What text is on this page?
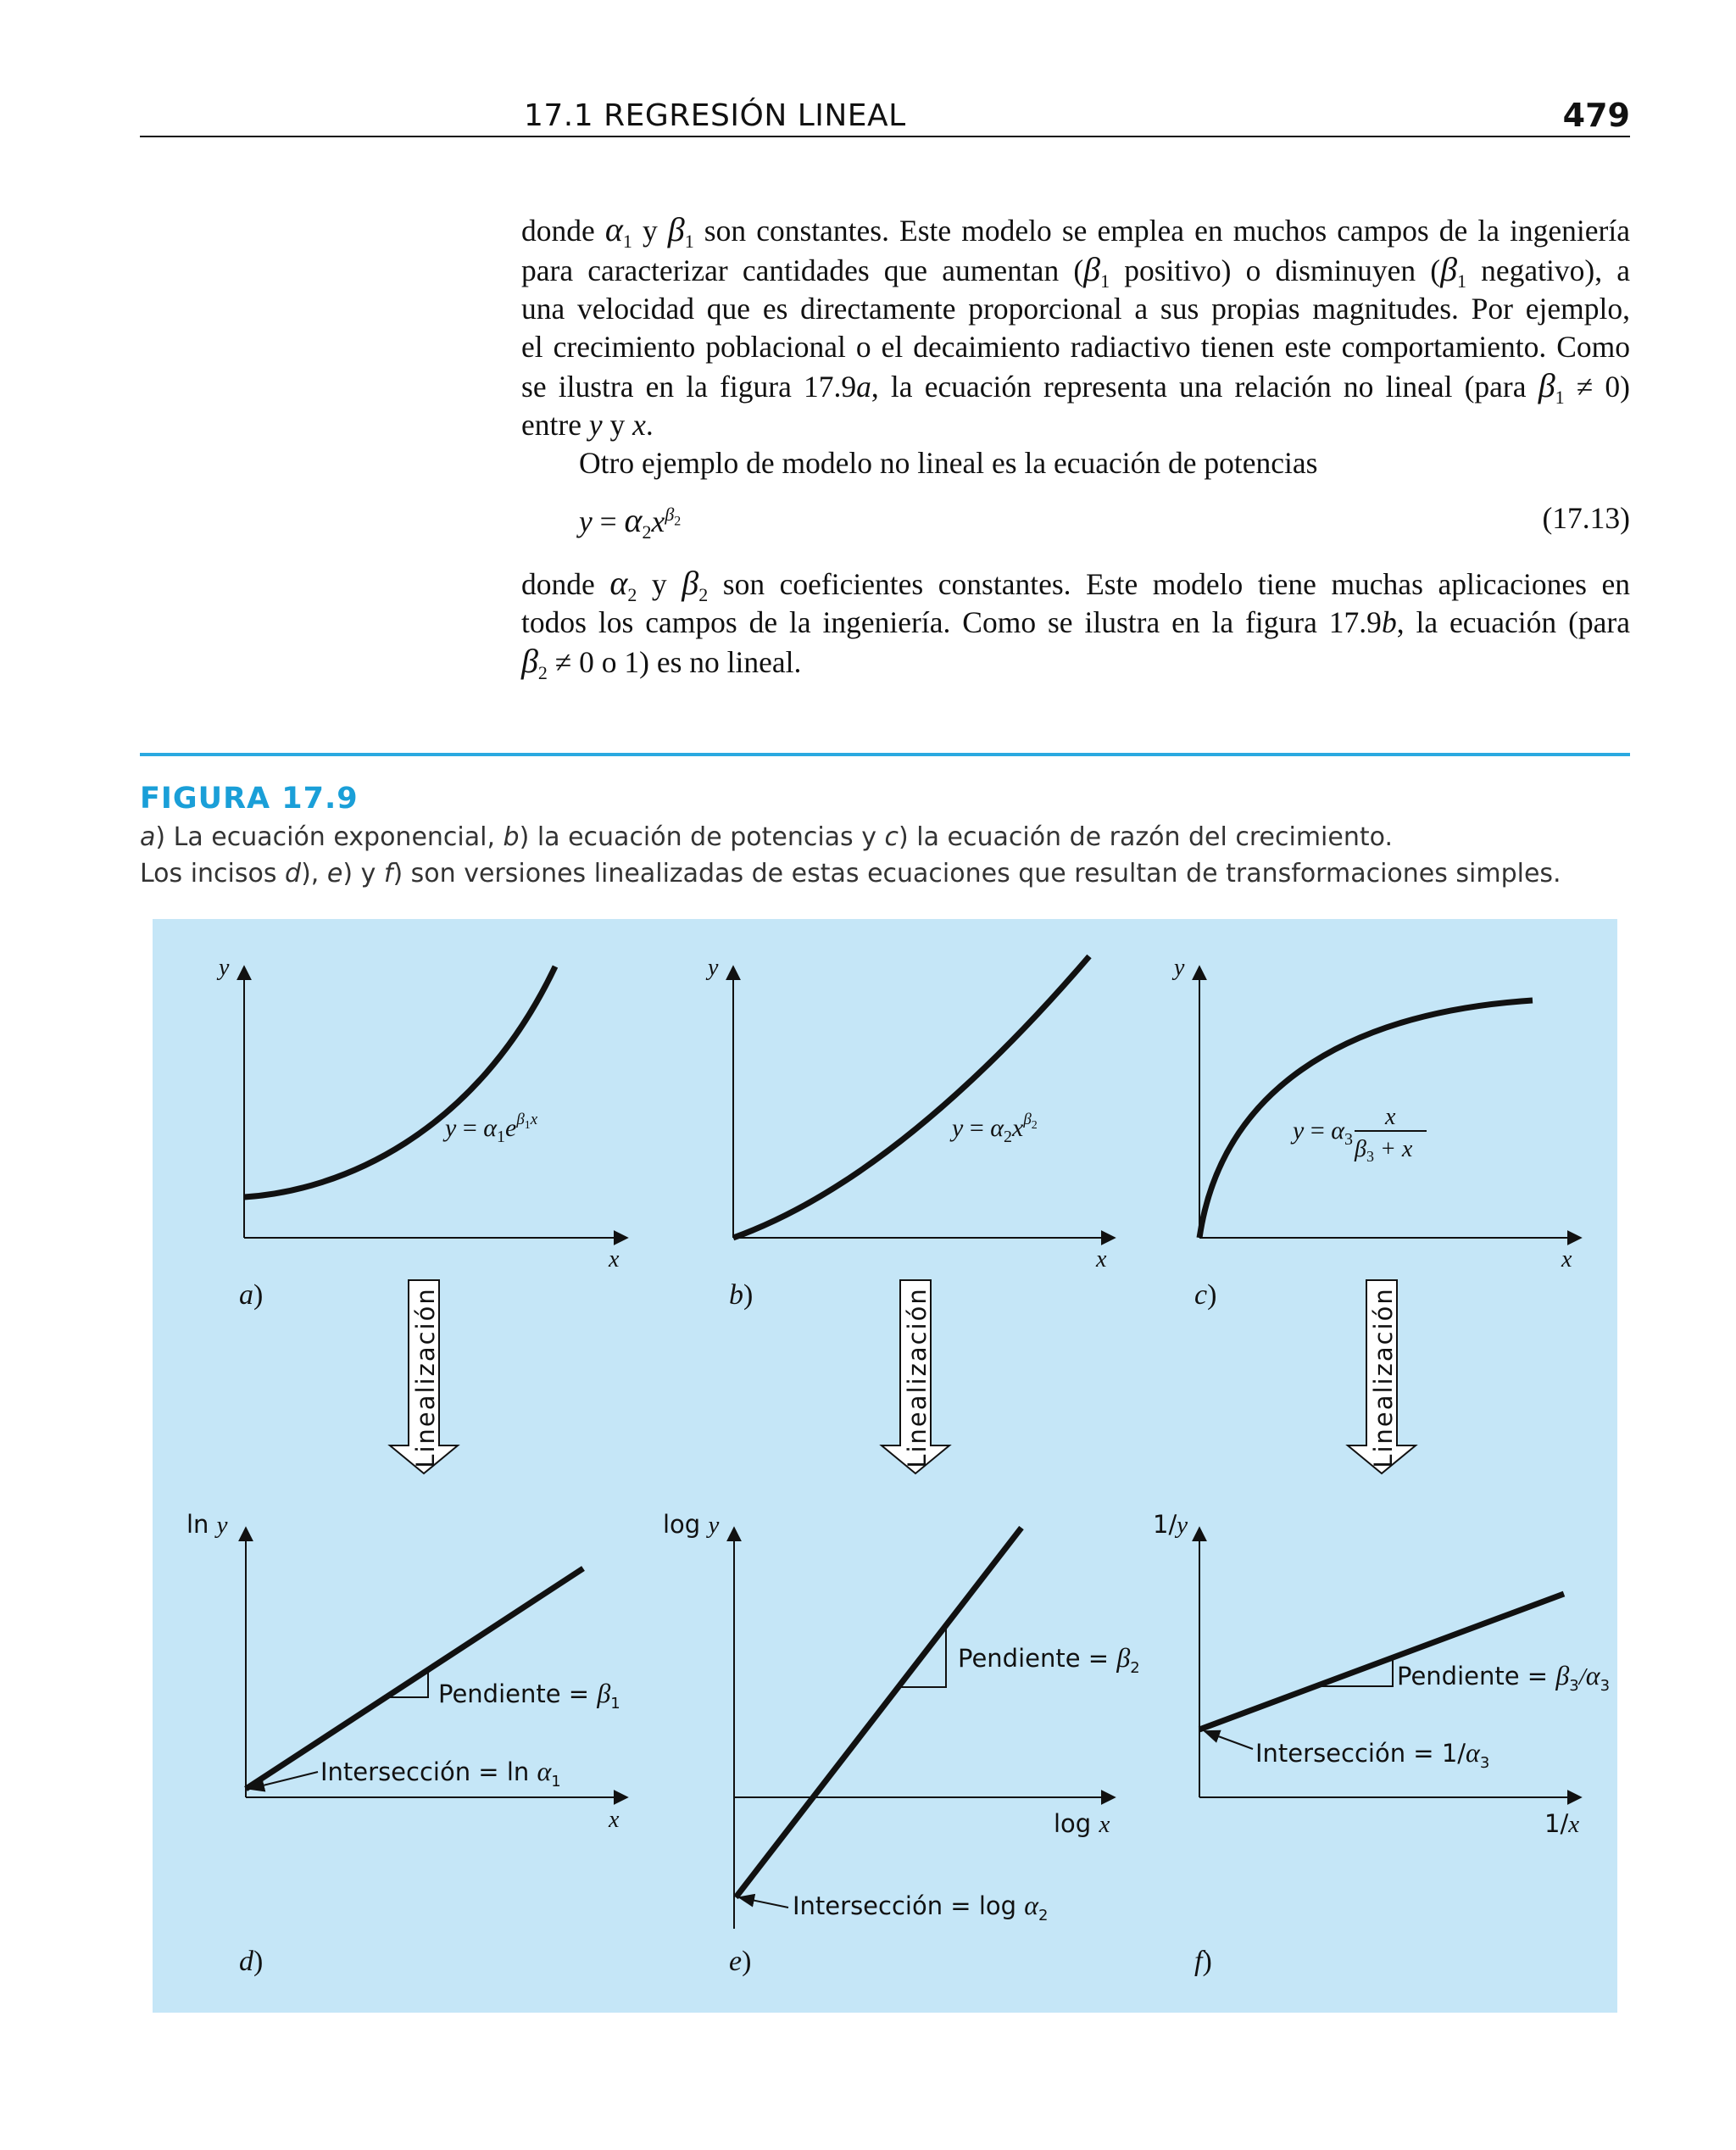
17.1 REGRESIÓN LINEAL	479
donde $\alpha_1$ y $\beta_1$ son constantes. Este modelo se emplea en muchos campos de la ingeniería
para caracterizar cantidades que aumentan ($\beta_1$ positivo) o disminuyen ($\beta_1$ negativo), a
una velocidad que es directamente proporcional a sus propias magnitudes. Por ejemplo,
el crecimiento poblacional o el decaimiento radiactivo tienen este comportamiento. Como
se ilustra en la figura 17.9a, la ecuación representa una relación no lineal (para $\beta_1 \ne 0$)
entre y y x.
Otro ejemplo de modelo no lineal es la ecuación de potencias
$y = \alpha_2x^{\beta_2}$	(17.13)
donde $\alpha_2$ y $\beta_2$ son coeficientes constantes. Este modelo tiene muchas aplicaciones en
todos los campos de la ingeniería. Como se ilustra en la figura 17.9b, la ecuación (para
$\beta_2 \ne 0$ o 1) es no lineal.
FIGURA 17.9
a) La ecuación exponencial, b) la ecuación de potencias y c) la ecuación de razón del crecimiento.
Los incisos d), e) y f) son versiones linealizadas de estas ecuaciones que resultan de transformaciones simples.
y
x
$y = \alpha_1e^\beta 1x$
a)
y
x
$y = \alpha_2x^\beta 2$
b)
y
x
$y = \alpha_3$
x
$\beta_3 + x$
c)
Linealización	Linealización	Linealización
ln y
x
Pendiente = $\beta_1$
Intersección = $\ln \alpha_1$
d)
log y
log x
Pendiente = $\beta_2$
Intersección = $\log \alpha_2$
e)
1/y
1/x
Pendiente = $\beta_3/\alpha_3$
Intersección = $1/\alpha_3$
f)
